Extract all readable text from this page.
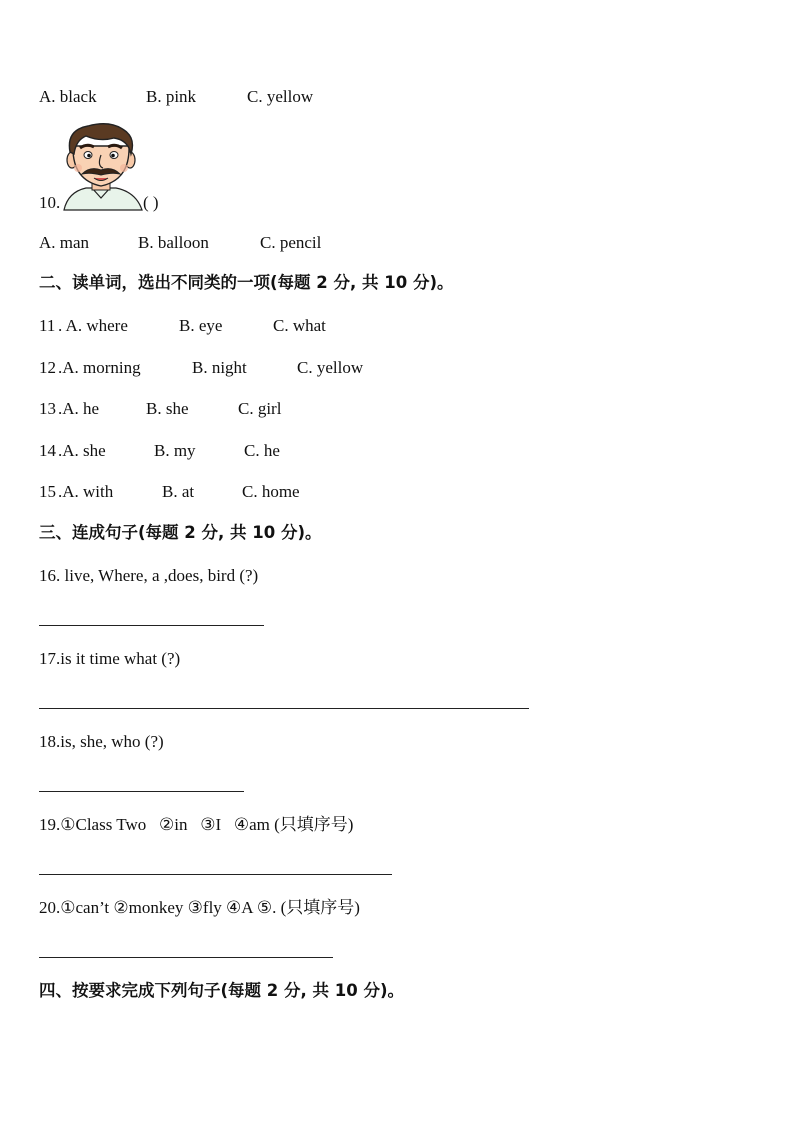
A. black	B. pink	C. yellow
10.	( )
A. man	B. balloon	C. pencil
二、读单词，选出不同类的一项(每题 2 分, 共 10 分)。
11 . A. where	B. eye	C. what
12 .A. morning	B. night	C. yellow
13 .A. he	B. she	C. girl
14 .A. she	B. my	C. he
15 .A. with	B. at	C. home
三、连成句子(每题 2 分, 共 10 分)。
16. live, Where, a ,does, bird (?)
17.is it time what (?)
18.is, she, who (?)
19.①Class Two   ②in   ③I   ④am (只填序号)
20.①can’t ②monkey ③fly ④A ⑤. (只填序号)
四、按要求完成下列句子(每题 2 分, 共 10 分)。
